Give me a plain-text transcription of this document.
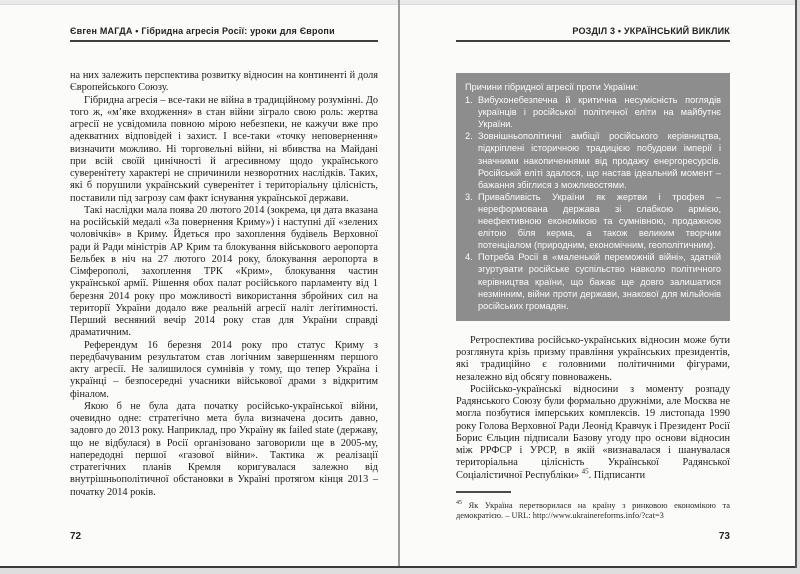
Євген МАГДА • Гібридна агресія Росії: уроки для Європи

на них залежить перспектива розвитку відносин на континенті й доля Європейського Союзу.

Гібридна агресія – все-таки не війна в традиційному розумінні. До того ж, «м’яке входження» в стан війни зіграло свою роль: жертва агресії не усвідомила повною мірою небезпеки, не кажучи вже про адекватних відповідей і захист. І все-таки «точку неповернення» визначити можливо. Ні торговельні війни, ні вбивства на Майдані при всій своїй цинічності й агресивному щодо українського суверенітету характері не спричинили незворотних наслідків. Таких, які б порушили український суверенітет і територіальну цілісність, поставили під загрозу сам факт існування української держави.

Такі наслідки мала поява 20 лютого 2014 (зокрема, ця дата вказана на російській медалі «За повернення Криму») і наступні дії «зелених чоловічків» в Криму. Йдеться про захоплення будівель Верховної ради й Ради міністрів АР Крим та блокування військового аеропорта Бельбек в ніч на 27 лютого 2014 року, блокування аеропорта в Сімферополі, захоплення ТРК «Крим», блокування частин української армії. Рішення обох палат російського парламенту від 1 березня 2014 року про можливості використання збройних сил на території України додало вже реальній агресії наліт легітимності. Перший весняний вечір 2014 року став для України справді драматичним.

Референдум 16 березня 2014 року про статус Криму з передбачуваним результатом став логічним завершенням першого акту агресії. Не залишилося сумнівів у тому, що тепер Україна і українці – безпосередні учасники військової драми з відкритим фіналом.

Якою б не була дата початку російсько-української війни, очевидно одне: стратегічно мета була визначена досить давно, задовго до 2013 року. Наприклад, про Україну як failed state (державу, що не відбулася) в Росії організовано заговорили ще в 2005-му, напередодні першої «газової війни». Тактика ж реалізації стратегічних планів Кремля коригувалася залежно від внутрішньополітичної обстановки в Україні протягом кінця 2013 – початку 2014 років.

72
РОЗДІЛ 3 • УКРАЇНСЬКИЙ ВИКЛИК

Причини гібридної агресії проти України:

1. Вибухонебезпечна й критична несумісність поглядів українців і російської політичної еліти на майбутнє України.
2. Зовнішньополітичні амбіції російського керівництва, підкріплені історичною традицією побудови імперії і значними накопиченнями від продажу енергоресурсів. Російській еліті здалося, що настав ідеальний момент – бажання збіглися з можливостями.
3. Привабливість України як жертви і трофея – нереформована держава зі слабкою армією, неефективною економікою та сумнівною, продажною елітою біля керма, а також великим творчим потенціалом (природним, економічним, геополітичним).
4. Потреба Росії в «маленькій переможній війні», здатній згуртувати російське суспільство навколо політичного керівництва країни, що бажає ще довго залишатися незмінним, війни проти держави, знакової для мільйонів російських громадян.

Ретроспектива російсько-українських відносин може бути розглянута крізь призму правління українських президентів, які традиційно є головними політичними фігурами, незалежно від обсягу повноважень.

Російсько-українські відносини з моменту розпаду Радянського Союзу були формально дружніми, але Москва не могла позбутися імперських комплексів. 19 листопада 1990 року Голова Верховної Ради Леонід Кравчук і Президент Росії Борис Єльцин підписали Базову угоду про основи відносин між РРФСР і УРСР, в якій «визнавалася і шанувалася територіальна цілісність Української Радянської Соціалістичної Республіки» $^{45}$. Підписанти

$^{45}$ Як Україна перетворилася на країну з ринковою економікою та демократією. – URL: http://www.ukrainereforms.info/?cat=3

73
